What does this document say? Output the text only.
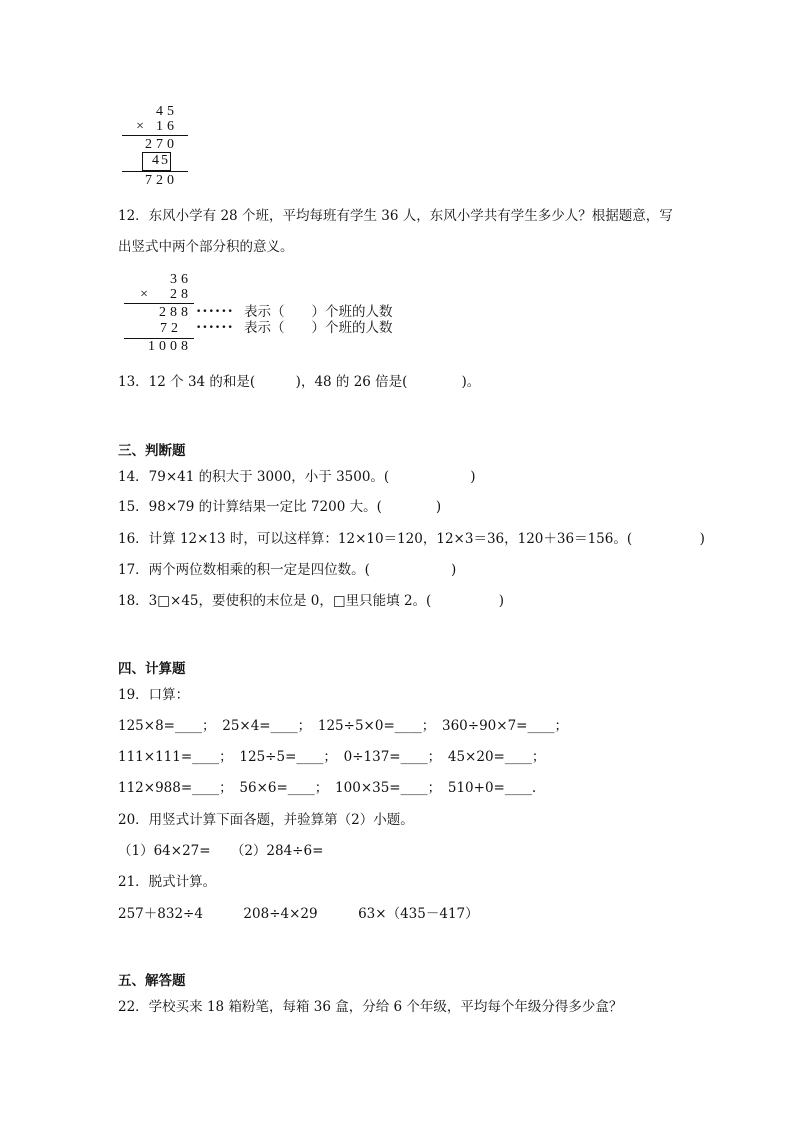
45
× 16
270
45
720
12．东风小学有 28 个班，平均每班有学生 36 人，东风小学共有学生多少人？根据题意，写
出竖式中两个部分积的意义。
36
×	28
288 •••••• 表示（　　）个班的人数
72 •••••• 表示（　　）个班的人数
1008
13．12 个 34 的和是(　　　)，48 的 26 倍是(　　　　)。
三、判断题
14．79×41 的积大于 3000，小于 3500。(　　　　　　)
15．98×79 的计算结果一定比 7200 大。(　　　　)
16．计算 12×13 时，可以这样算：12×10＝120，12×3＝36，120＋36＝156。(　　　　　)
17．两个两位数相乘的积一定是四位数。(　　　　　　)
18．3□×45，要使积的末位是 0，□里只能填 2。(　　　　　)
四、计算题
19．口算：
125×8=____；　25×4=____；　125÷5×0=____；　360÷90×7=____；
111×111=____；　125÷5=____；　0÷137=____；　45×20=____；
112×988=____；　56×6=____；　100×35=____；　510+0=____.
20．用竖式计算下面各题，并验算第（2）小题。
（1）64×27=　　（2）284÷6=
21．脱式计算。
257＋832÷4　　　208÷4×29　　　63×（435－417）
五、解答题
22．学校买来 18 箱粉笔，每箱 36 盒，分给 6 个年级，平均每个年级分得多少盒？
